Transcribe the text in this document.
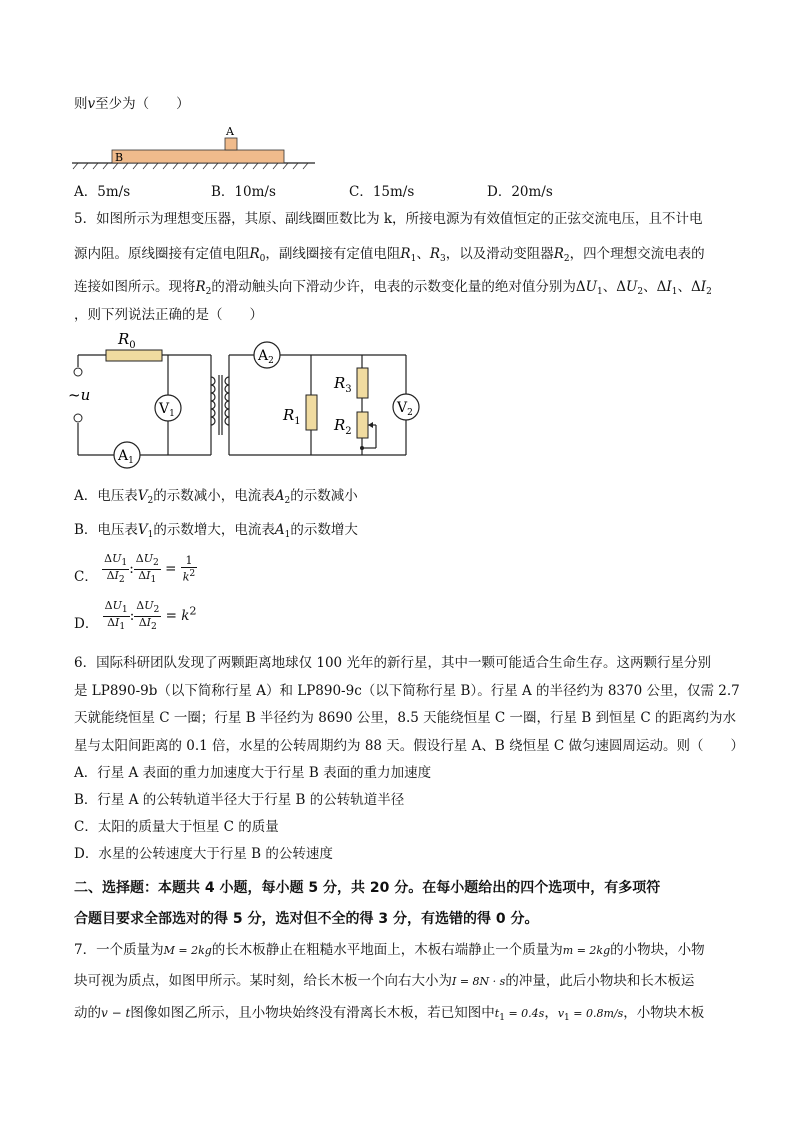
则v至少为（　　）
A
B
A．5m/s	B．10m/s	C．15m/s	D．20m/s
5．如图所示为理想变压器，其原、副线圈匝数比为 k，所接电源为有效值恒定的正弦交流电压，且不计电
源内阻。原线圈接有定值电阻$R_0$，副线圈接有定值电阻$R_1$、$R_3$，以及滑动变阻器$R_2$，四个理想交流电表的
连接如图所示。现将$R_2$的滑动触头向下滑动少许，电表的示数变化量的绝对值分别为$\Delta U_1$、$\Delta U_2$、$\Delta I_1$、$\Delta I_2$
，则下列说法正确的是（　　）
~u
$V_1$
$A_1$
$A_2$
$V_2$
$R_0$
$R_1$
$R_3$
$R_2$
A．电压表$V_2$的示数减小，电流表$A_2$的示数减小
B．电压表$V_1$的示数增大，电流表$A_1$的示数增大
C． $\frac{\Delta U_1}{\Delta I_2}$ : $\frac{\Delta U_2}{\Delta I_1} = \frac{1}{k^2}$
D． $\frac{\Delta U_1}{\Delta I_1}$ : $\frac{\Delta U_2}{\Delta I_2} = k^2$
6．国际科研团队发现了两颗距离地球仅 100 光年的新行星，其中一颗可能适合生命生存。这两颗行星分别
是 LP890-9b（以下简称行星 A）和 LP890-9c（以下简称行星 B）。行星 A 的半径约为 8370 公里，仅需 2.7
天就能绕恒星 C 一圈；行星 B 半径约为 8690 公里，8.5 天能绕恒星 C 一圈，行星 B 到恒星 C 的距离约为水
星与太阳间距离的 0.1 倍，水星的公转周期约为 88 天。假设行星 A、B 绕恒星 C 做匀速圆周运动。则（　　）
A．行星 A 表面的重力加速度大于行星 B 表面的重力加速度
B．行星 A 的公转轨道半径大于行星 B 的公转轨道半径
C．太阳的质量大于恒星 C 的质量
D．水星的公转速度大于行星 B 的公转速度
二、选择题：本题共 4 小题，每小题 5 分，共 20 分。在每小题给出的四个选项中，有多项符
合题目要求全部选对的得 5 分，选对但不全的得 3 分，有选错的得 0 分。
7．一个质量为M = 2kg的长木板静止在粗糙水平地面上，木板右端静止一个质量为m = 2kg的小物块，小物
块可视为质点，如图甲所示。某时刻，给长木板一个向右大小为I = 8N · s的冲量，此后小物块和长木板运
动的v − t图像如图乙所示，且小物块始终没有滑离长木板，若已知图中$t_1 = 0.4s$，$v_1 = 0.8m/s$，小物块木板
